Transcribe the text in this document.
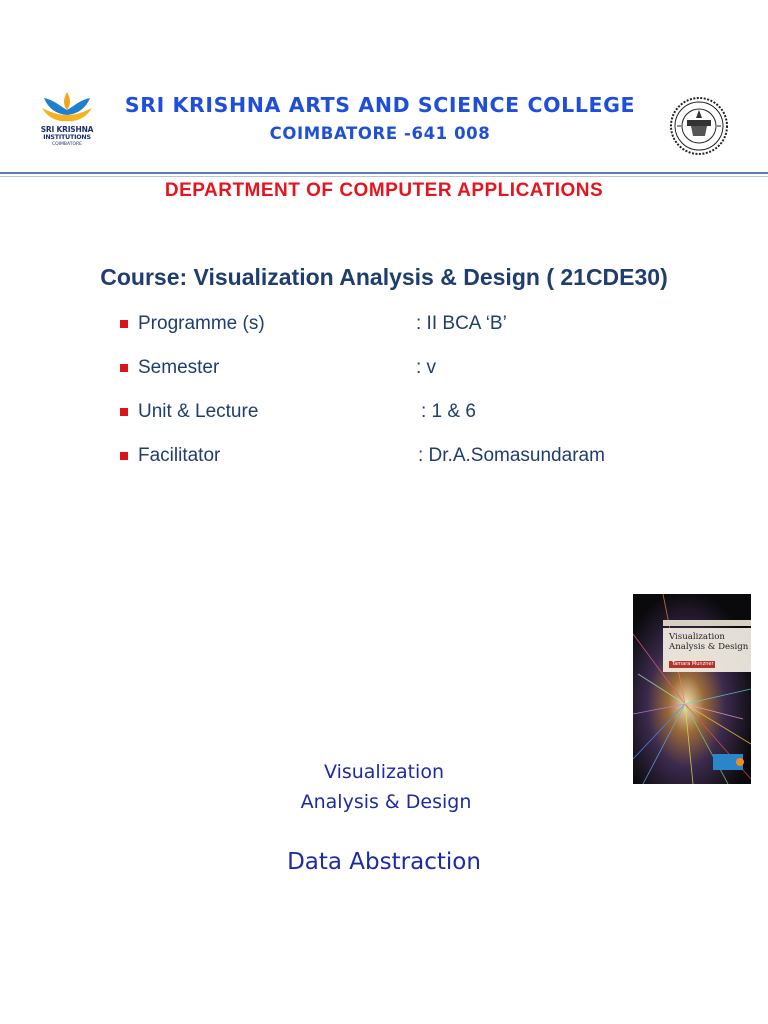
SRI KRISHNA
INSTITUTIONS
COIMBATORE
SRI KRISHNA ARTS AND SCIENCE COLLEGE
COIMBATORE -641 008
DEPARTMENT OF COMPUTER APPLICATIONS
Course: Visualization Analysis & Design ( 21CDE30)
Programme (s)	: II BCA ‘B’
Semester	: v
Unit & Lecture	: 1 & 6
Facilitator	: Dr.A.Somasundaram
Visualization
Analysis & Design
Tamara Munzner
Visualization
Analysis & Design
Data Abstraction
